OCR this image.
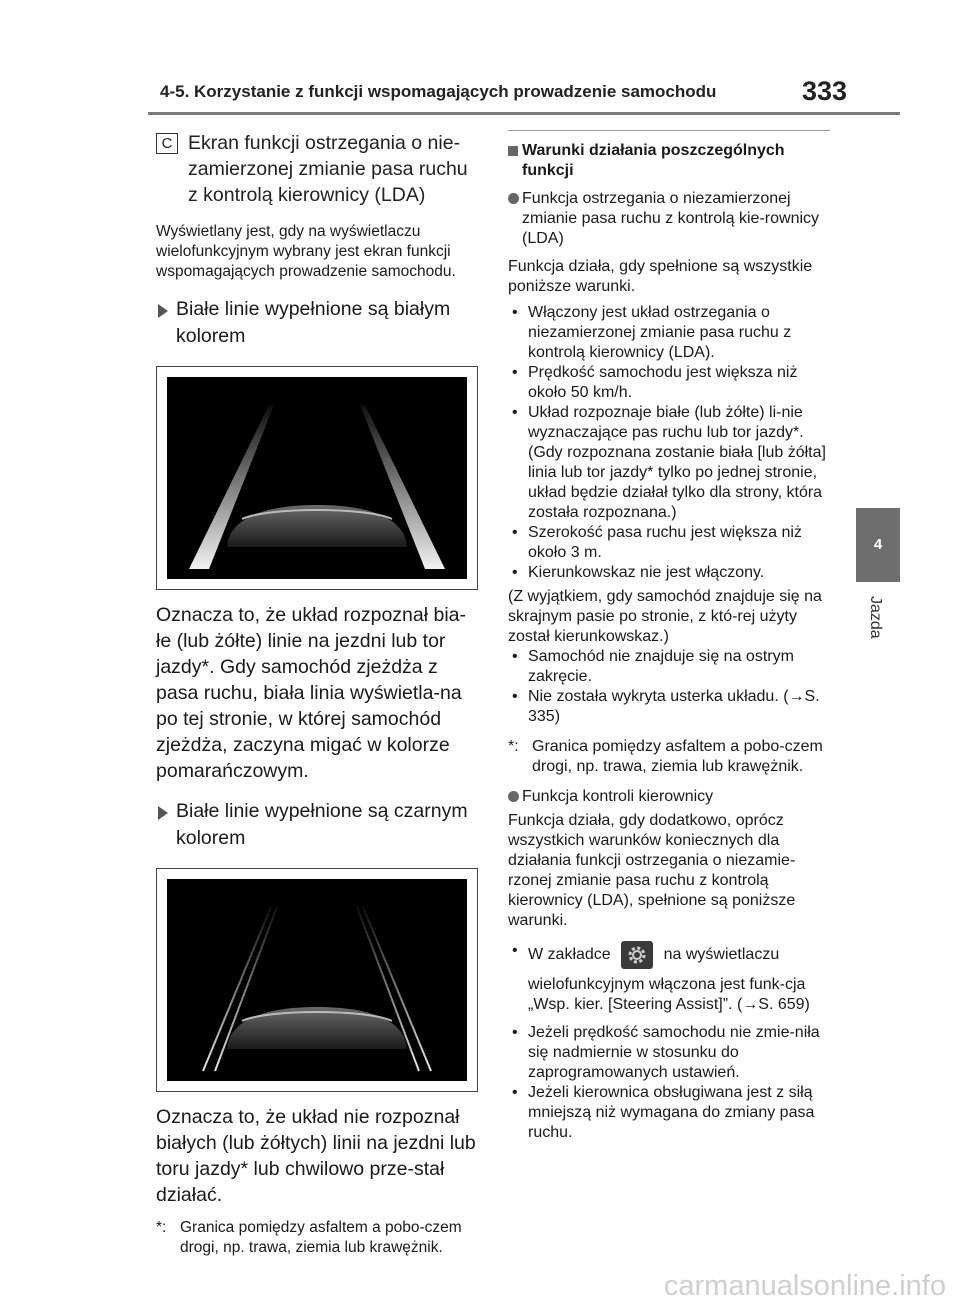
4-5. Korzystanie z funkcji wspomagających prowadzenie samochodu	333
4
Jazda
C Ekran funkcji ostrzegania o nie-zamierzonej zmianie pasa ruchu z kontrolą kierownicy (LDA)

Wyświetlany jest, gdy na wyświetlaczu wielofunkcyjnym wybrany jest ekran funkcji wspomagających prowadzenie samochodu.

Białe linie wypełnione są białym kolorem

Oznacza to, że układ rozpoznał bia-łe (lub żółte) linie na jezdni lub tor jazdy*. Gdy samochód zjeżdża z pasa ruchu, biała linia wyświetla-na po tej stronie, w której samochód zjeżdża, zaczyna migać w kolorze pomarańczowym.

Białe linie wypełnione są czarnym kolorem

Oznacza to, że układ nie rozpoznał białych (lub żółtych) linii na jezdni lub toru jazdy* lub chwilowo prze-stał działać.

*: Granica pomiędzy asfaltem a pobo-czem drogi, np. trawa, ziemia lub krawężnik.
Warunki działania poszczególnych funkcji
Funkcja ostrzegania o niezamierzonej zmianie pasa ruchu z kontrolą kie-rownicy (LDA)
Funkcja działa, gdy spełnione są wszystkie poniższe warunki.
• Włączony jest układ ostrzegania o niezamierzonej zmianie pasa ruchu z kontrolą kierownicy (LDA).
• Prędkość samochodu jest większa niż około 50 km/h.
• Układ rozpoznaje białe (lub żółte) li-nie wyznaczające pas ruchu lub tor jazdy*. (Gdy rozpoznana zostanie biała [lub żółta] linia lub tor jazdy* tylko po jednej stronie, układ będzie działał tylko dla strony, która została rozpoznana.)
• Szerokość pasa ruchu jest większa niż około 3 m.
• Kierunkowskaz nie jest włączony.
(Z wyjątkiem, gdy samochód znajduje się na skrajnym pasie po stronie, z któ-rej użyty został kierunkowskaz.)
• Samochód nie znajduje się na ostrym zakręcie.
• Nie została wykryta usterka układu. (→S. 335)
*: Granica pomiędzy asfaltem a pobo-czem drogi, np. trawa, ziemia lub krawężnik.
Funkcja kontroli kierownicy
Funkcja działa, gdy dodatkowo, oprócz wszystkich warunków koniecznych dla działania funkcji ostrzegania o niezamie-rzonej zmianie pasa ruchu z kontrolą kierownicy (LDA), spełnione są poniższe warunki.
• W zakładce	na wyświetlaczu
wielofunkcyjnym włączona jest funk-cja „Wsp. kier. [Steering Assist]”. (→S. 659)
• Jeżeli prędkość samochodu nie zmie-niła się nadmiernie w stosunku do zaprogramowanych ustawień.
• Jeżeli kierownica obsługiwana jest z siłą mniejszą niż wymagana do zmiany pasa ruchu.
carmanualsonline.info
